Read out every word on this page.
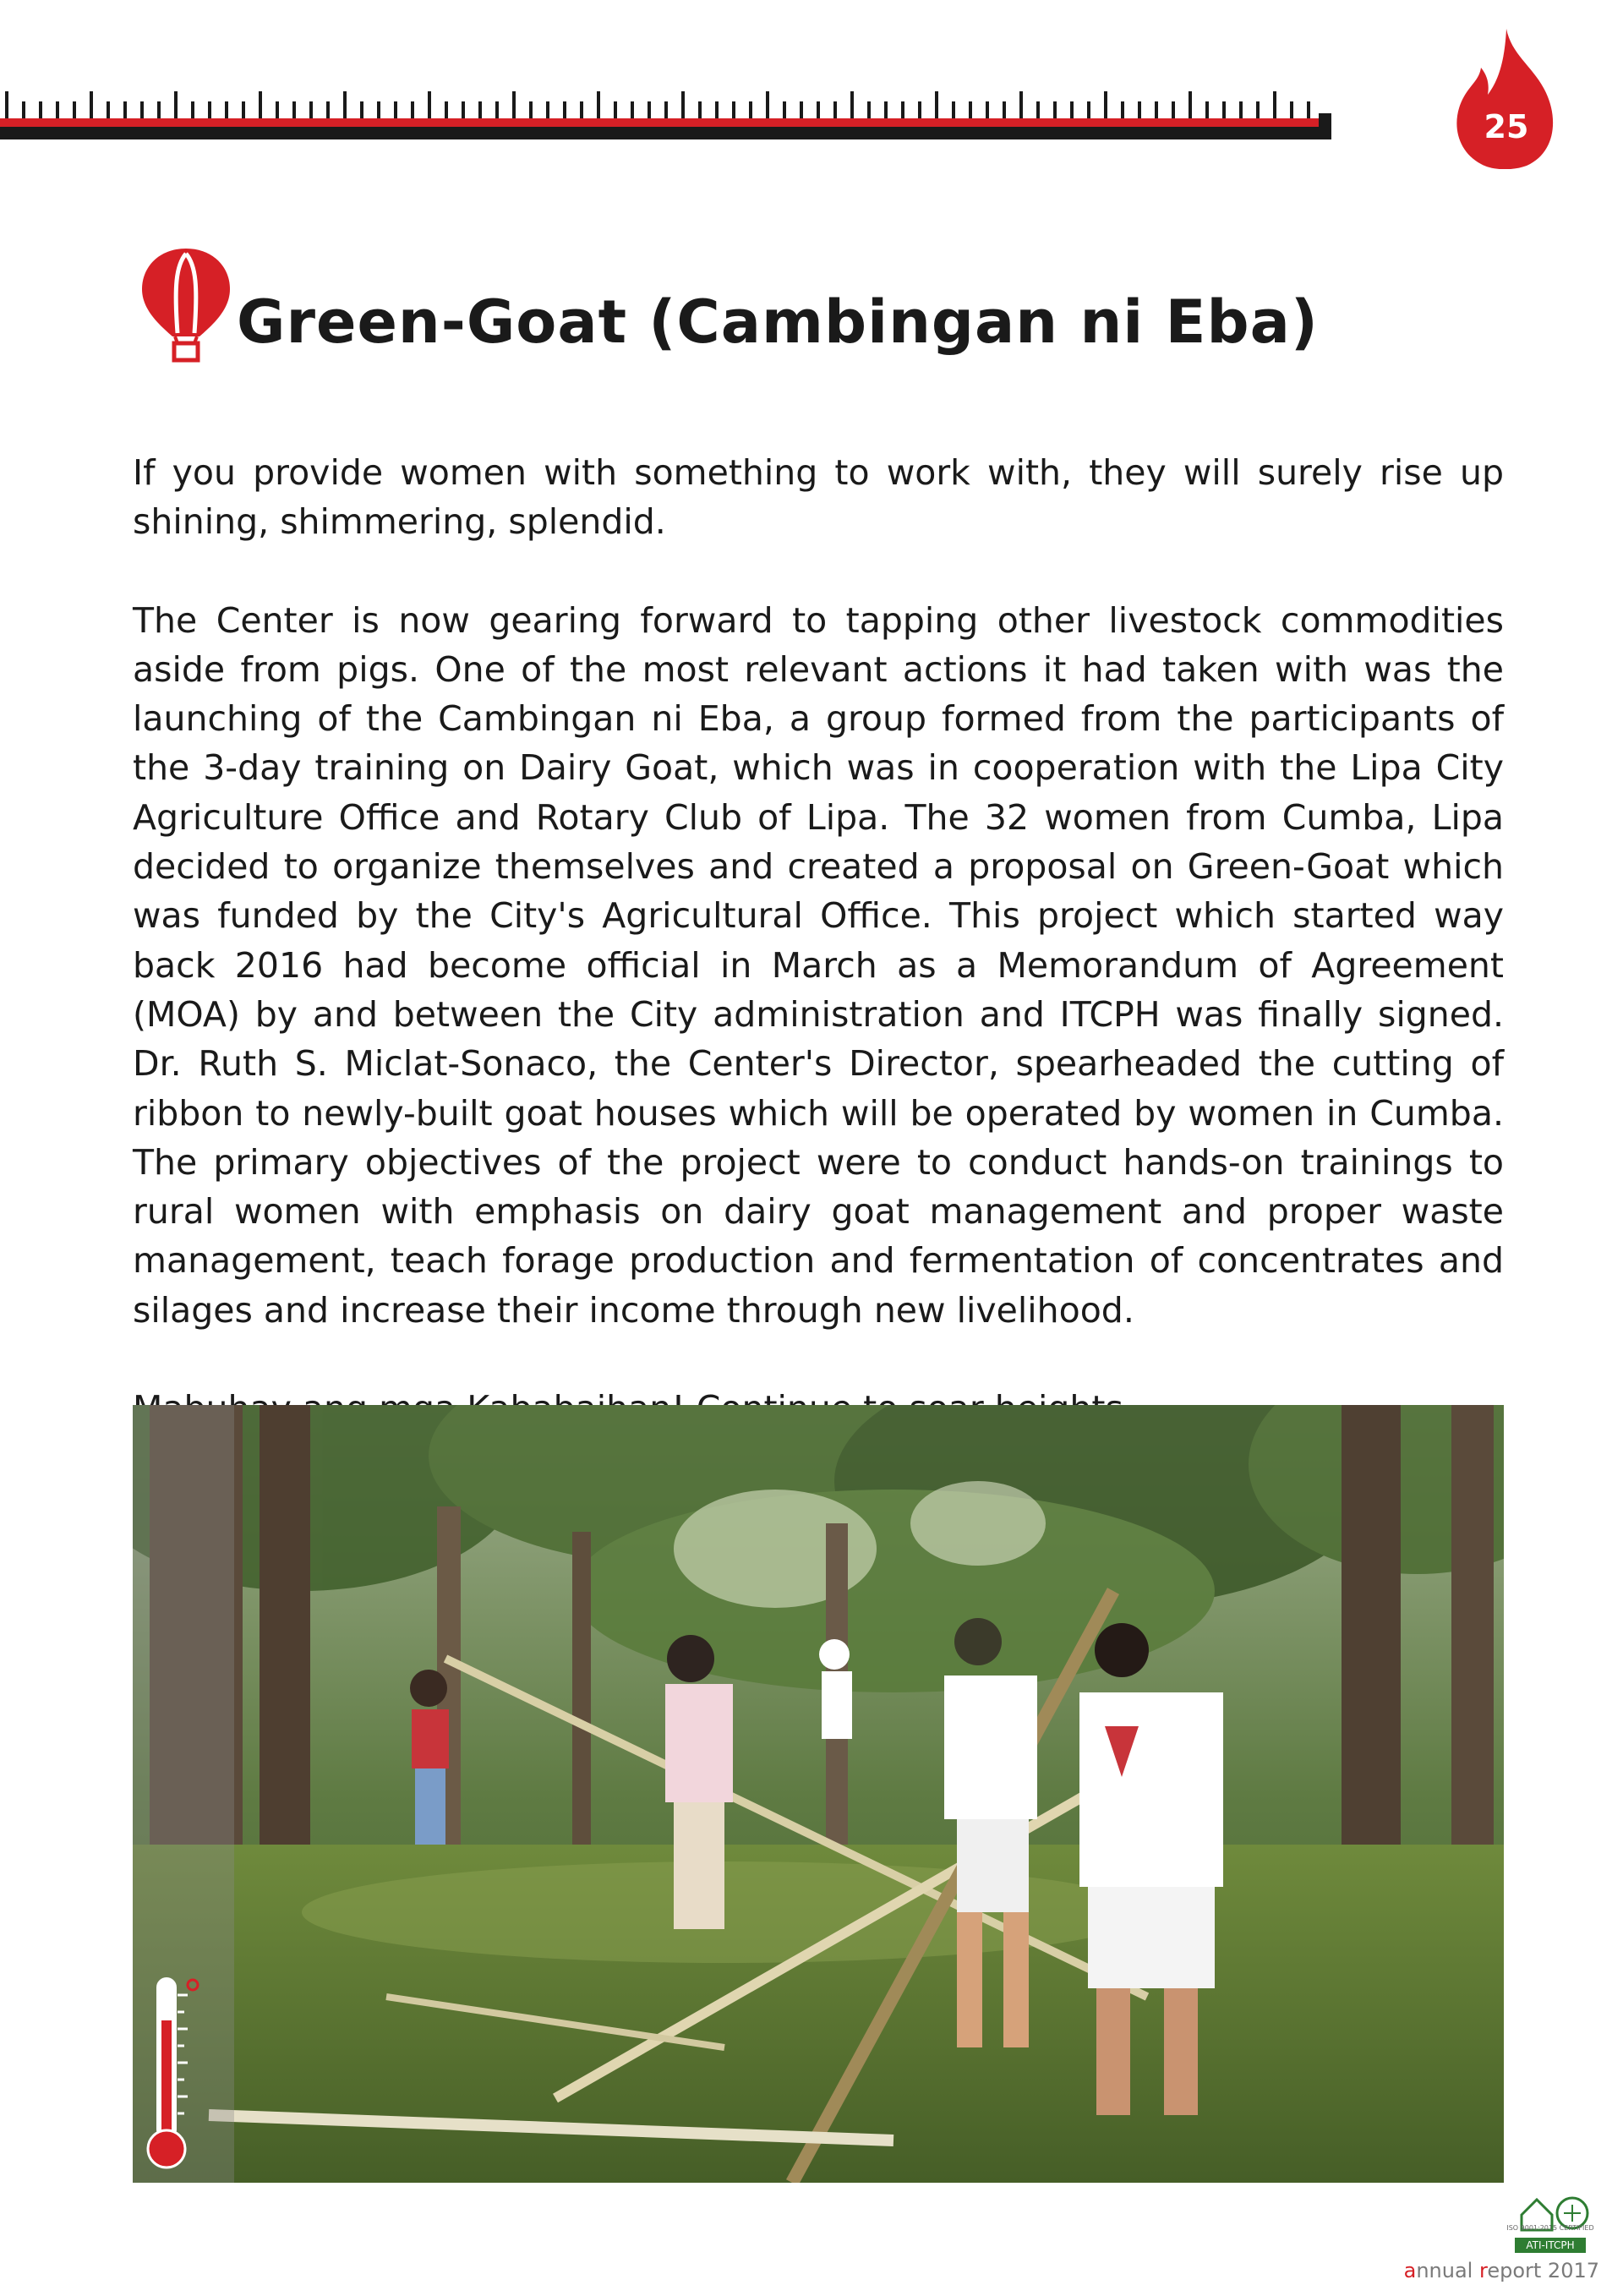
25
Green-Goat (Cambingan ni Eba)

If you provide women with something to work with, they will surely rise up shining, shimmering, splendid.

The Center is now gearing forward to tapping other livestock commodities aside from pigs. One of the most relevant actions it had taken with was the launching of the Cambingan ni Eba, a group formed from the participants of the 3-day training on Dairy Goat, which was in cooperation with the Lipa City Agriculture Office and Rotary Club of Lipa. The 32 women from Cumba, Lipa decided to organize themselves and created a proposal on Green-Goat which was funded by the City's Agricultural Office. This project which started way back 2016 had become official in March as a Memorandum of Agreement (MOA) by and between the City administration and ITCPH was finally signed. Dr. Ruth S. Miclat-Sonaco, the Center's Director, spearheaded the cutting of ribbon to newly-built goat houses which will be operated by women in Cumba. The primary objectives of the project were to conduct hands-on trainings to rural women with emphasis on dairy goat management and proper waste management, teach forage production and fermentation of concentrates and silages and increase their income through new livelihood.

ISO 9001:2015 CERTIFIED
ATI-ITCPH
annual report 2017
